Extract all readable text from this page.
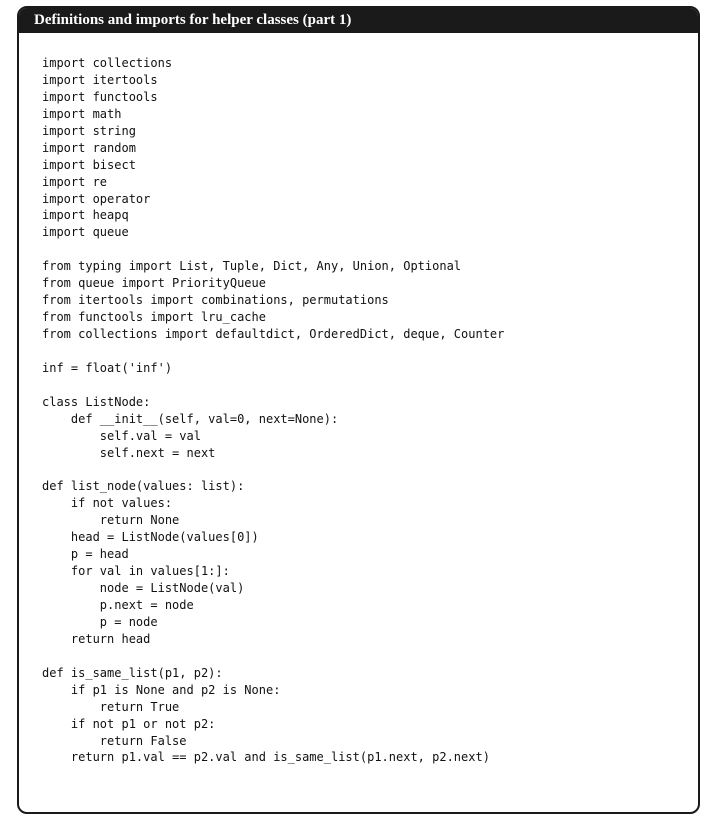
Definitions and imports for helper classes (part 1)
import collections
import itertools
import functools
import math
import string
import random
import bisect
import re
import operator
import heapq
import queue
from typing import List, Tuple, Dict, Any, Union, Optional
from queue import PriorityQueue
from itertools import combinations, permutations
from functools import lru_cache
from collections import defaultdict, OrderedDict, deque, Counter
inf = float('inf')
class ListNode:
def __init__(self, val=0, next=None):
self.val = val
self.next = next
def list_node(values: list):
if not values:
return None
head = ListNode(values[0])
p = head
for val in values[1:]:
node = ListNode(val)
p.next = node
p = node
return head
def is_same_list(p1, p2):
if p1 is None and p2 is None:
return True
if not p1 or not p2:
return False
return p1.val == p2.val and is_same_list(p1.next, p2.next)
